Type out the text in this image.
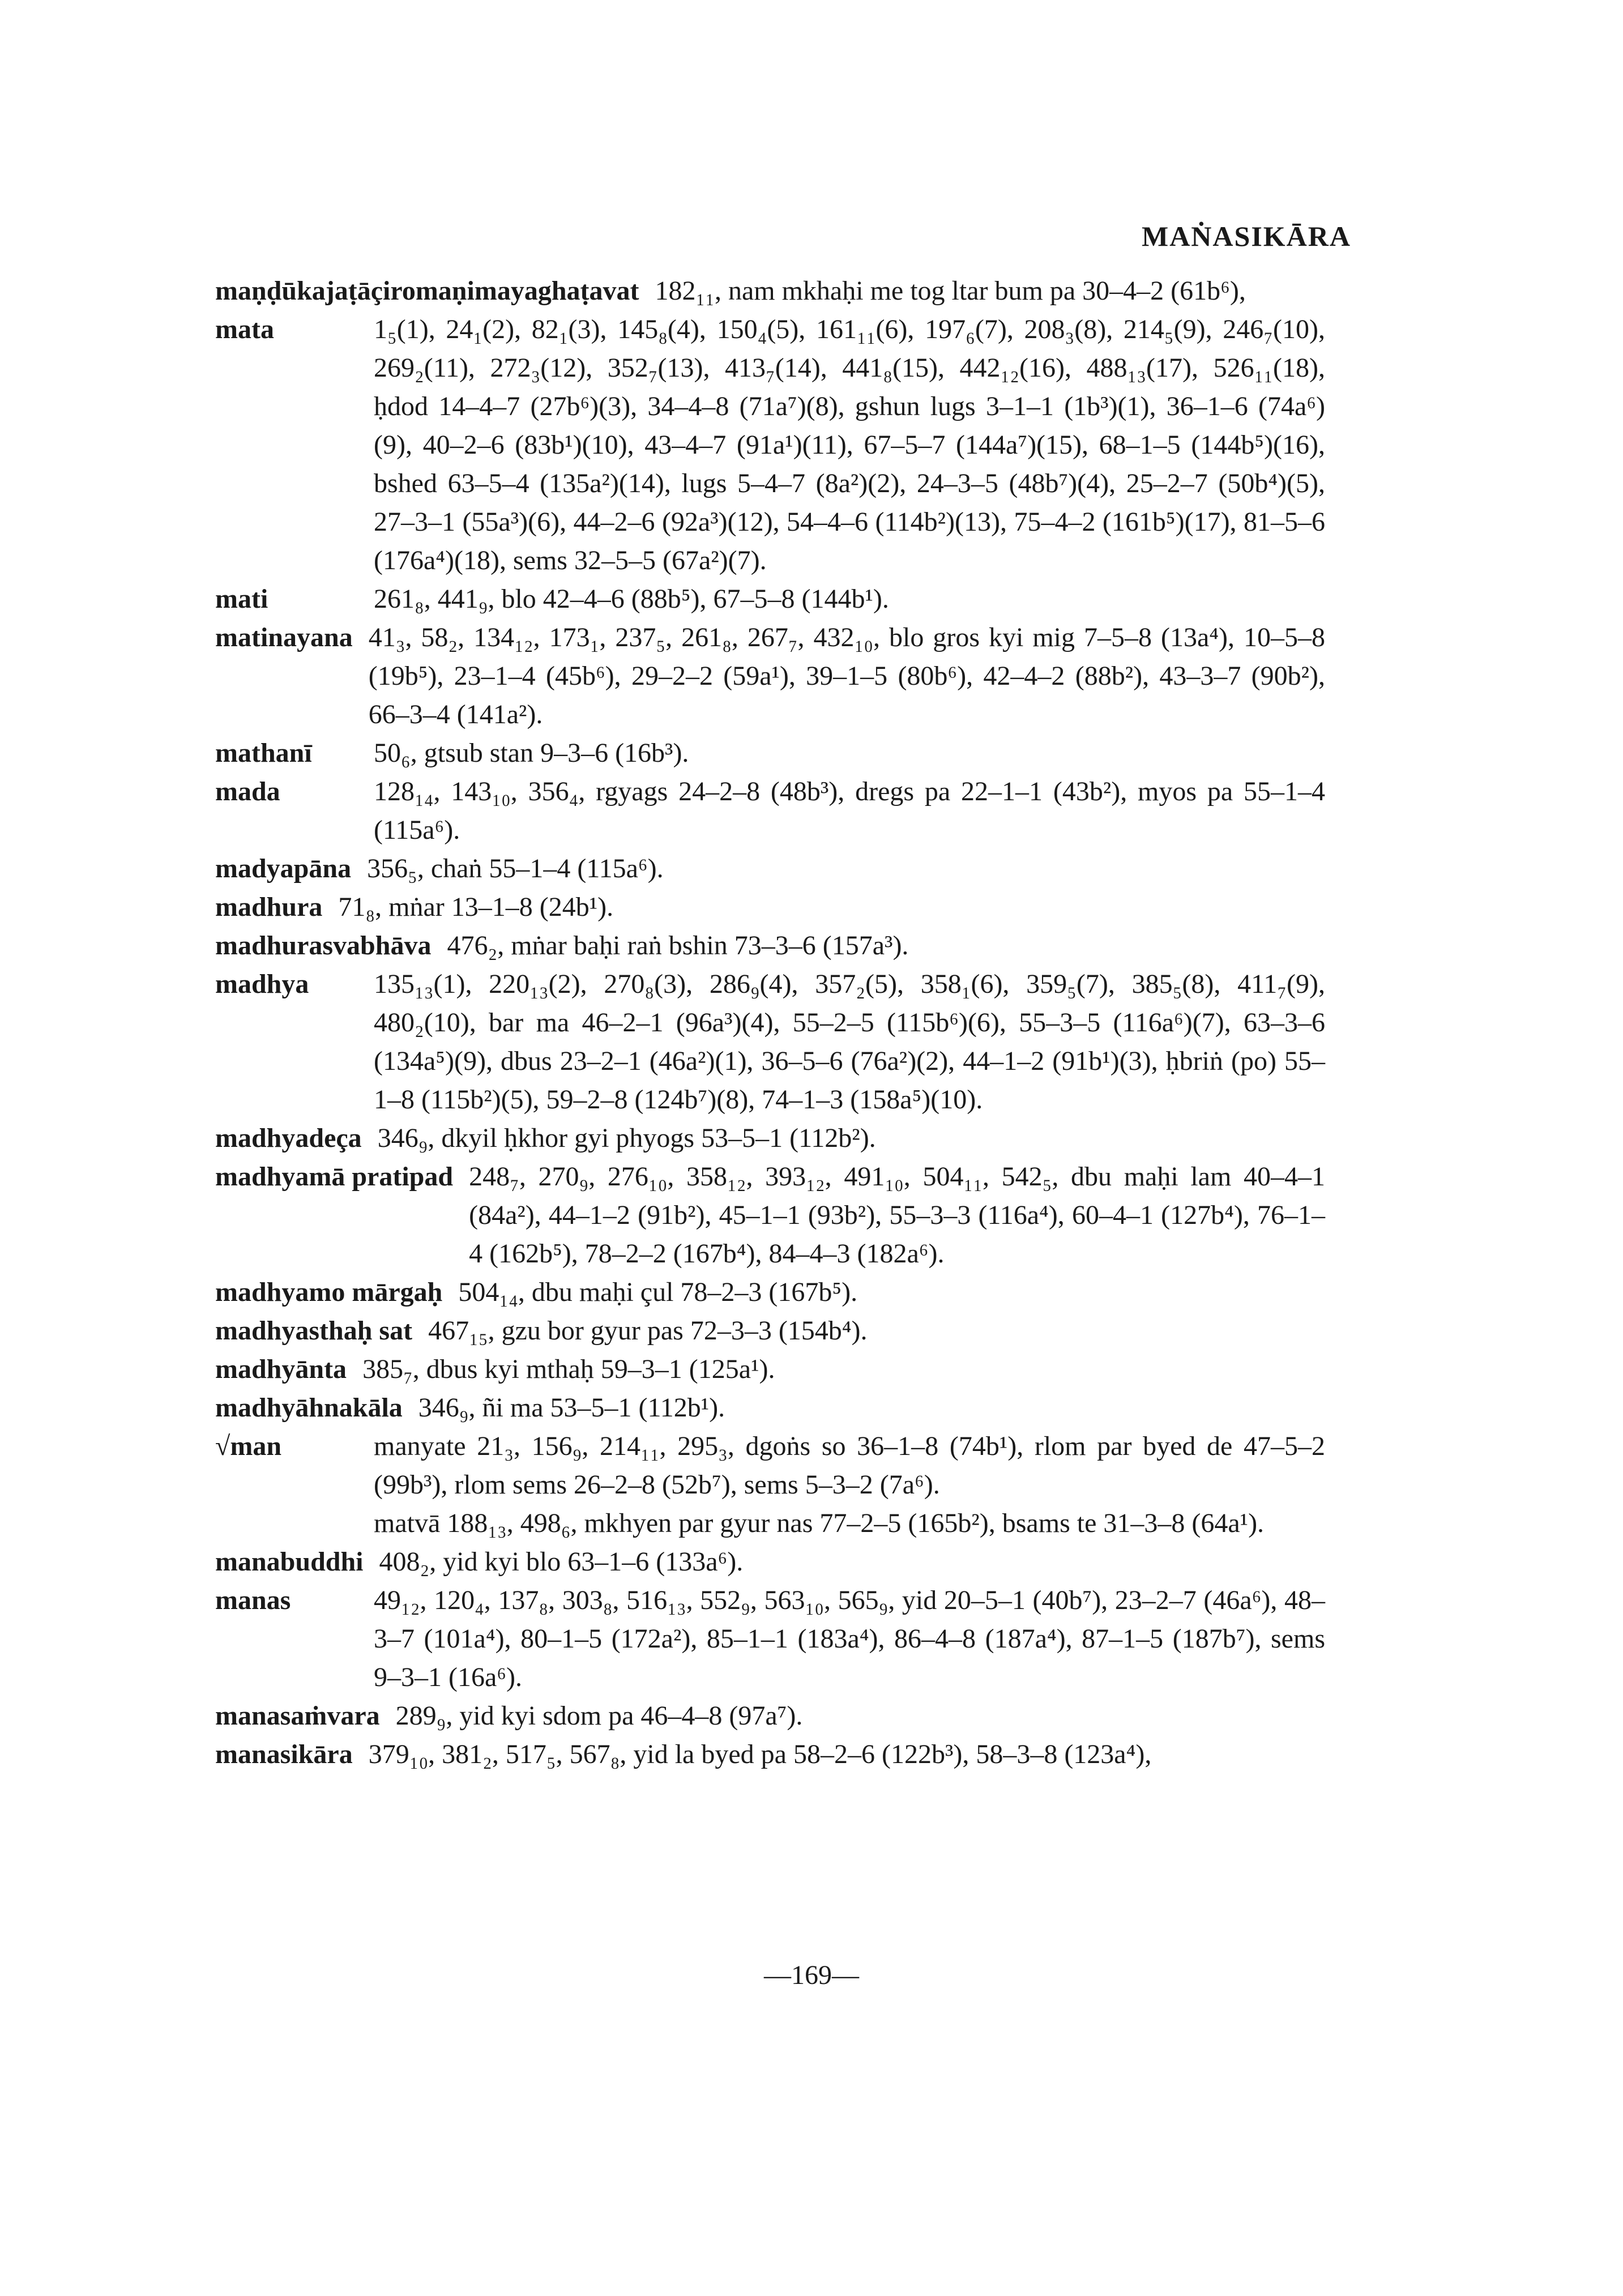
MAṄASIKĀRA
maṇḍūkajaṭāçiromaṇimayaghaṭavat 182₁₁, nam mkhaḥi me tog ltar bum pa 30–4–2 (61b⁶),
mata	1₅(1), 24₁(2), 82₁(3), 145₈(4), 150₄(5), 161₁₁(6), 197₆(7), 208₃(8), 214₅(9), 246₇(10), 269₂(11), 272₃(12), 352₇(13), 413₇(14), 441₈(15), 442₁₂(16), 488₁₃(17), 526₁₁(18), ḥdod 14–4–7 (27b⁶)(3), 34–4–8 (71a⁷)(8), gshun lugs 3–1–1 (1b³)(1), 36–1–6 (74a⁶)(9), 40–2–6 (83b¹)(10), 43–4–7 (91a¹)(11), 67–5–7 (144a⁷)(15), 68–1–5 (144b⁵)(16), bshed 63–5–4 (135a²)(14), lugs 5–4–7 (8a²)(2), 24–3–5 (48b⁷)(4), 25–2–7 (50b⁴)(5), 27–3–1 (55a³)(6), 44–2–6 (92a³)(12), 54–4–6 (114b²)(13), 75–4–2 (161b⁵)(17), 81–5–6 (176a⁴)(18), sems 32–5–5 (67a²)(7).
mati	261₈, 441₉, blo 42–4–6 (88b⁵), 67–5–8 (144b¹).
matinayana 41₃, 58₂, 134₁₂, 173₁, 237₅, 261₈, 267₇, 432₁₀, blo gros kyi mig 7–5–8 (13a⁴), 10–5–8 (19b⁵), 23–1–4 (45b⁶), 29–2–2 (59a¹), 39–1–5 (80b⁶), 42–4–2 (88b²), 43–3–7 (90b²), 66–3–4 (141a²).
mathanī	50₆, gtsub stan 9–3–6 (16b³).
mada	128₁₄, 143₁₀, 356₄, rgyags 24–2–8 (48b³), dregs pa 22–1–1 (43b²), myos pa 55–1–4 (115a⁶).
madyapāna 356₅, chaṅ 55–1–4 (115a⁶).
madhura 71₈, mṅar 13–1–8 (24b¹).
madhurasvabhāva 476₂, mṅar baḥi raṅ bshin 73–3–6 (157a³).
madhya	135₁₃(1), 220₁₃(2), 270₈(3), 286₉(4), 357₂(5), 358₁(6), 359₅(7), 385₅(8), 411₇(9), 480₂(10), bar ma 46–2–1 (96a³)(4), 55–2–5 (115b⁶)(6), 55–3–5 (116a⁶)(7), 63–3–6 (134a⁵)(9), dbus 23–2–1 (46a²)(1), 36–5–6 (76a²)(2), 44–1–2 (91b¹)(3), ḥbriṅ (po) 55–1–8 (115b²)(5), 59–2–8 (124b⁷)(8), 74–1–3 (158a⁵)(10).
madhyadeça 346₉, dkyil ḥkhor gyi phyogs 53–5–1 (112b²).
madhyamā pratipad 248₇, 270₉, 276₁₀, 358₁₂, 393₁₂, 491₁₀, 504₁₁, 542₅, dbu maḥi lam 40–4–1 (84a²), 44–1–2 (91b²), 45–1–1 (93b²), 55–3–3 (116a⁴), 60–4–1 (127b⁴), 76–1–4 (162b⁵), 78–2–2 (167b⁴), 84–4–3 (182a⁶).
madhyamo mārgaḥ 504₁₄, dbu maḥi çul 78–2–3 (167b⁵).
madhyasthaḥ sat 467₁₅, gzu bor gyur pas 72–3–3 (154b⁴).
madhyānta 385₇, dbus kyi mthaḥ 59–3–1 (125a¹).
madhyāhnakāla 346₉, ñi ma 53–5–1 (112b¹).
√man	manyate 21₃, 156₉, 214₁₁, 295₃, dgoṅs so 36–1–8 (74b¹), rlom par byed de 47–5–2 (99b³), rlom sems 26–2–8 (52b⁷), sems 5–3–2 (7a⁶).
matvā 188₁₃, 498₆, mkhyen par gyur nas 77–2–5 (165b²), bsams te 31–3–8 (64a¹).
manabuddhi 408₂, yid kyi blo 63–1–6 (133a⁶).
manas	49₁₂, 120₄, 137₈, 303₈, 516₁₃, 552₉, 563₁₀, 565₉, yid 20–5–1 (40b⁷), 23–2–7 (46a⁶), 48–3–7 (101a⁴), 80–1–5 (172a²), 85–1–1 (183a⁴), 86–4–8 (187a⁴), 87–1–5 (187b⁷), sems 9–3–1 (16a⁶).
manasaṁvara 289₉, yid kyi sdom pa 46–4–8 (97a⁷).
manasikāra 379₁₀, 381₂, 517₅, 567₈, yid la byed pa 58–2–6 (122b³), 58–3–8 (123a⁴),
—169—
